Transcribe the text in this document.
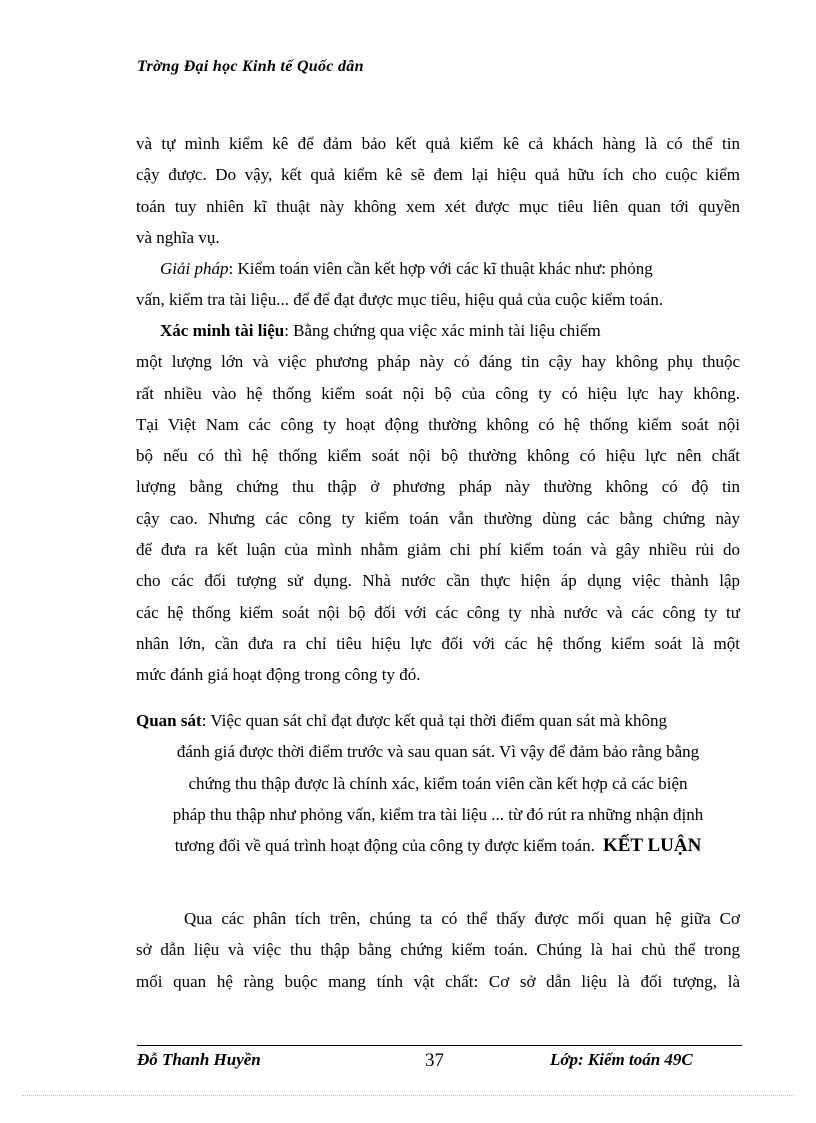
Trờng Đại học Kinh tế Quốc dân
và tự mình kiểm kê để đảm bảo kết quả kiểm kê cả khách hàng là có thể tin
cậy được. Do vậy, kết quả kiểm kê sẽ đem lại hiệu quả hữu ích cho cuộc kiểm
toán tuy nhiên kĩ thuật này không xem xét được mục tiêu liên quan tới quyền
và nghĩa vụ.
Giải pháp: Kiểm toán viên cần kết hợp với các kĩ thuật khác như: phỏng
vấn, kiểm tra tài liệu... để để đạt được mục tiêu, hiệu quả của cuộc kiểm toán.
Xác minh tài liệu: Bằng chứng qua việc xác minh tài liệu chiếm
một lượng lớn và việc phương pháp này có đáng tin cậy hay không phụ thuộc
rất nhiều vào hệ thống kiểm soát nội bộ của công ty có hiệu lực hay không.
Tại Việt Nam các công ty hoạt động thường không có hệ thống kiểm soát nội
bộ nếu có thì hệ thống kiểm soát nội bộ thường không có hiệu lực nên chất
lượng bằng chứng thu thập ở phương pháp này thường không có độ tin
cậy cao. Nhưng các công ty kiểm toán vẫn thường dùng các bằng chứng này
để đưa ra kết luận của mình nhằm giảm chi phí kiểm toán và gây nhiều rủi do
cho các đối tượng sử dụng. Nhà nước cần thực hiện áp dụng việc thành lập
các hệ thống kiểm soát nội bộ đối với các công ty nhà nước và các công ty tư
nhân lớn, cần đưa ra chỉ tiêu hiệu lực đối với các hệ thống kiểm soát là một
mức đánh giá hoạt động trong công ty đó.
Quan sát: Việc quan sát chỉ đạt được kết quả tại thời điểm quan sát mà không
đánh giá được thời điểm trước và sau quan sát. Vì vậy để đảm bảo rằng bằng
chứng thu thập được là chính xác, kiểm toán viên cần kết hợp cả các biện
pháp thu thập như phỏng vấn, kiểm tra tài liệu ... từ đó rút ra những nhận định
tương đối về quá trình hoạt động của công ty được kiểm toán. KẾT LUẬN
Qua các phân tích trên, chúng ta có thể thấy được mối quan hệ giữa Cơ
sở dẫn liệu và việc thu thập bằng chứng kiểm toán. Chúng là hai chủ thể trong
mối quan hệ ràng buộc mang tính vật chất: Cơ sở dẫn liệu là đối tượng, là
Đỗ Thanh Huyền	37	Lớp: Kiểm toán 49C
